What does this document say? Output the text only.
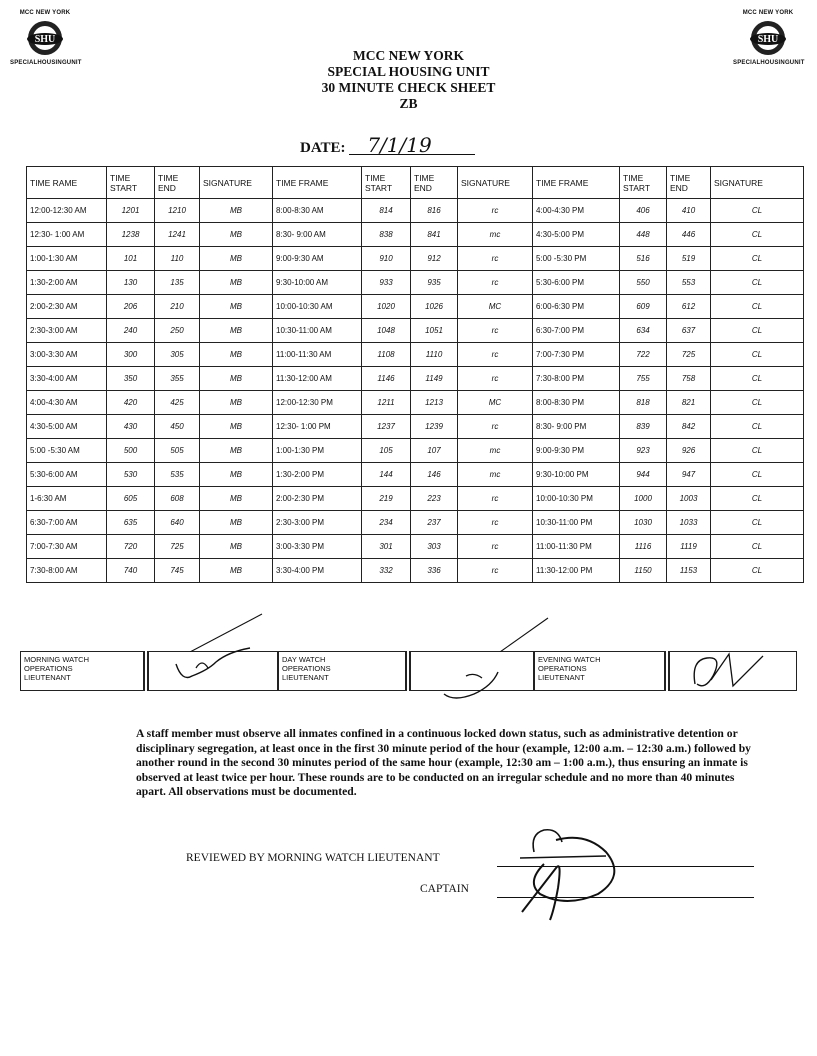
MCC NEW YORK
SHU
SPECIALHOUSINGUNIT
MCC NEW YORK
SHU
SPECIALHOUSINGUNIT
MCC NEW YORK
SPECIAL HOUSING UNIT
30 MINUTE CHECK SHEET
ZB
DATE: 7/1/19
TIME RAME	TIME START	TIME END	SIGNATURE	TIME FRAME	TIME START	TIME END	SIGNATURE	TIME FRAME	TIME START	TIME END	SIGNATURE
12:00-12:30 AM	1201	1210	MB	8:00-8:30 AM	814	816	rc	4:00-4:30 PM	406	410	CL
12:30- 1:00 AM	1238	1241	MB	8:30- 9:00 AM	838	841	mc	4:30-5:00 PM	448	446	CL
1:00-1:30 AM	101	110	MB	9:00-9:30 AM	910	912	rc	5:00 -5:30 PM	516	519	CL
1:30-2:00 AM	130	135	MB	9:30-10:00 AM	933	935	rc	5:30-6:00 PM	550	553	CL
2:00-2:30 AM	206	210	MB	10:00-10:30 AM	1020	1026	MC	6:00-6:30 PM	609	612	CL
2:30-3:00 AM	240	250	MB	10:30-11:00 AM	1048	1051	rc	6:30-7:00 PM	634	637	CL
3:00-3:30 AM	300	305	MB	11:00-11:30 AM	1108	1110	rc	7:00-7:30 PM	722	725	CL
3:30-4:00 AM	350	355	MB	11:30-12:00 AM	1146	1149	rc	7:30-8:00 PM	755	758	CL
4:00-4:30 AM	420	425	MB	12:00-12:30 PM	1211	1213	MC	8:00-8:30 PM	818	821	CL
4:30-5:00 AM	430	450	MB	12:30- 1:00 PM	1237	1239	rc	8:30- 9:00 PM	839	842	CL
5:00 -5:30 AM	500	505	MB	1:00-1:30 PM	105	107	mc	9:00-9:30 PM	923	926	CL
5:30-6:00 AM	530	535	MB	1:30-2:00 PM	144	146	mc	9:30-10:00 PM	944	947	CL
1-6:30 AM	605	608	MB	2:00-2:30 PM	219	223	rc	10:00-10:30 PM	1000	1003	CL
6:30-7:00 AM	635	640	MB	2:30-3:00 PM	234	237	rc	10:30-11:00 PM	1030	1033	CL
7:00-7:30 AM	720	725	MB	3:00-3:30 PM	301	303	rc	11:00-11:30 PM	1116	1119	CL
7:30-8:00 AM	740	745	MB	3:30-4:00 PM	332	336	rc	11:30-12:00 PM	1150	1153	CL
MORNING WATCH
OPERATIONS
LIEUTENANT
DAY WATCH
OPERATIONS
LIEUTENANT
EVENING WATCH
OPERATIONS
LIEUTENANT
A staff member must observe all inmates confined in a continuous locked down status, such as administrative detention or disciplinary segregation, at least once in the first 30 minute period of the hour (example, 12:00 a.m. – 12:30 a.m.) followed by another round in the second 30 minutes period of the same hour (example, 12:30 am – 1:00 a.m.), thus ensuring an inmate is observed at least twice per hour. These rounds are to be conducted on an irregular schedule and no more than 40 minutes apart. All observations must be documented.
REVIEWED BY MORNING WATCH LIEUTENANT
CAPTAIN
